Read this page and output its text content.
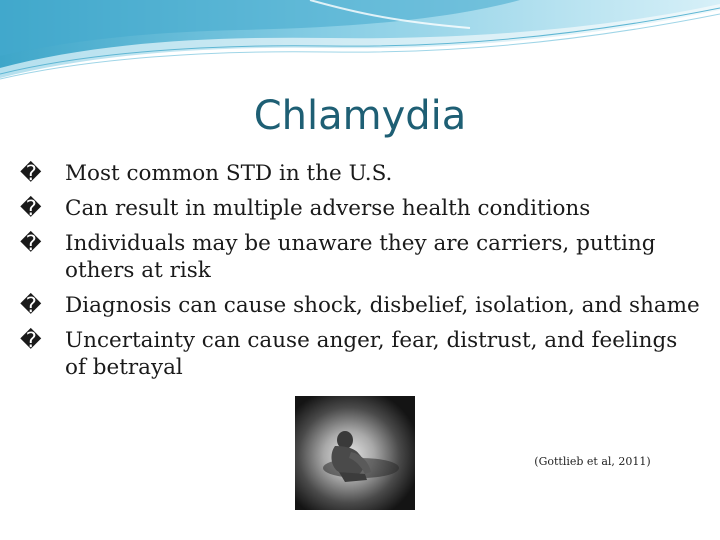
Chlamydia
�	Most common STD in the U.S.
�	Can result in multiple adverse health conditions
�	Individuals may be unaware they are carriers, putting others at risk
�	Diagnosis can cause shock, disbelief, isolation, and shame
�	Uncertainty can cause anger, fear, distrust, and feelings of betrayal
(Gottlieb et al, 2011)
